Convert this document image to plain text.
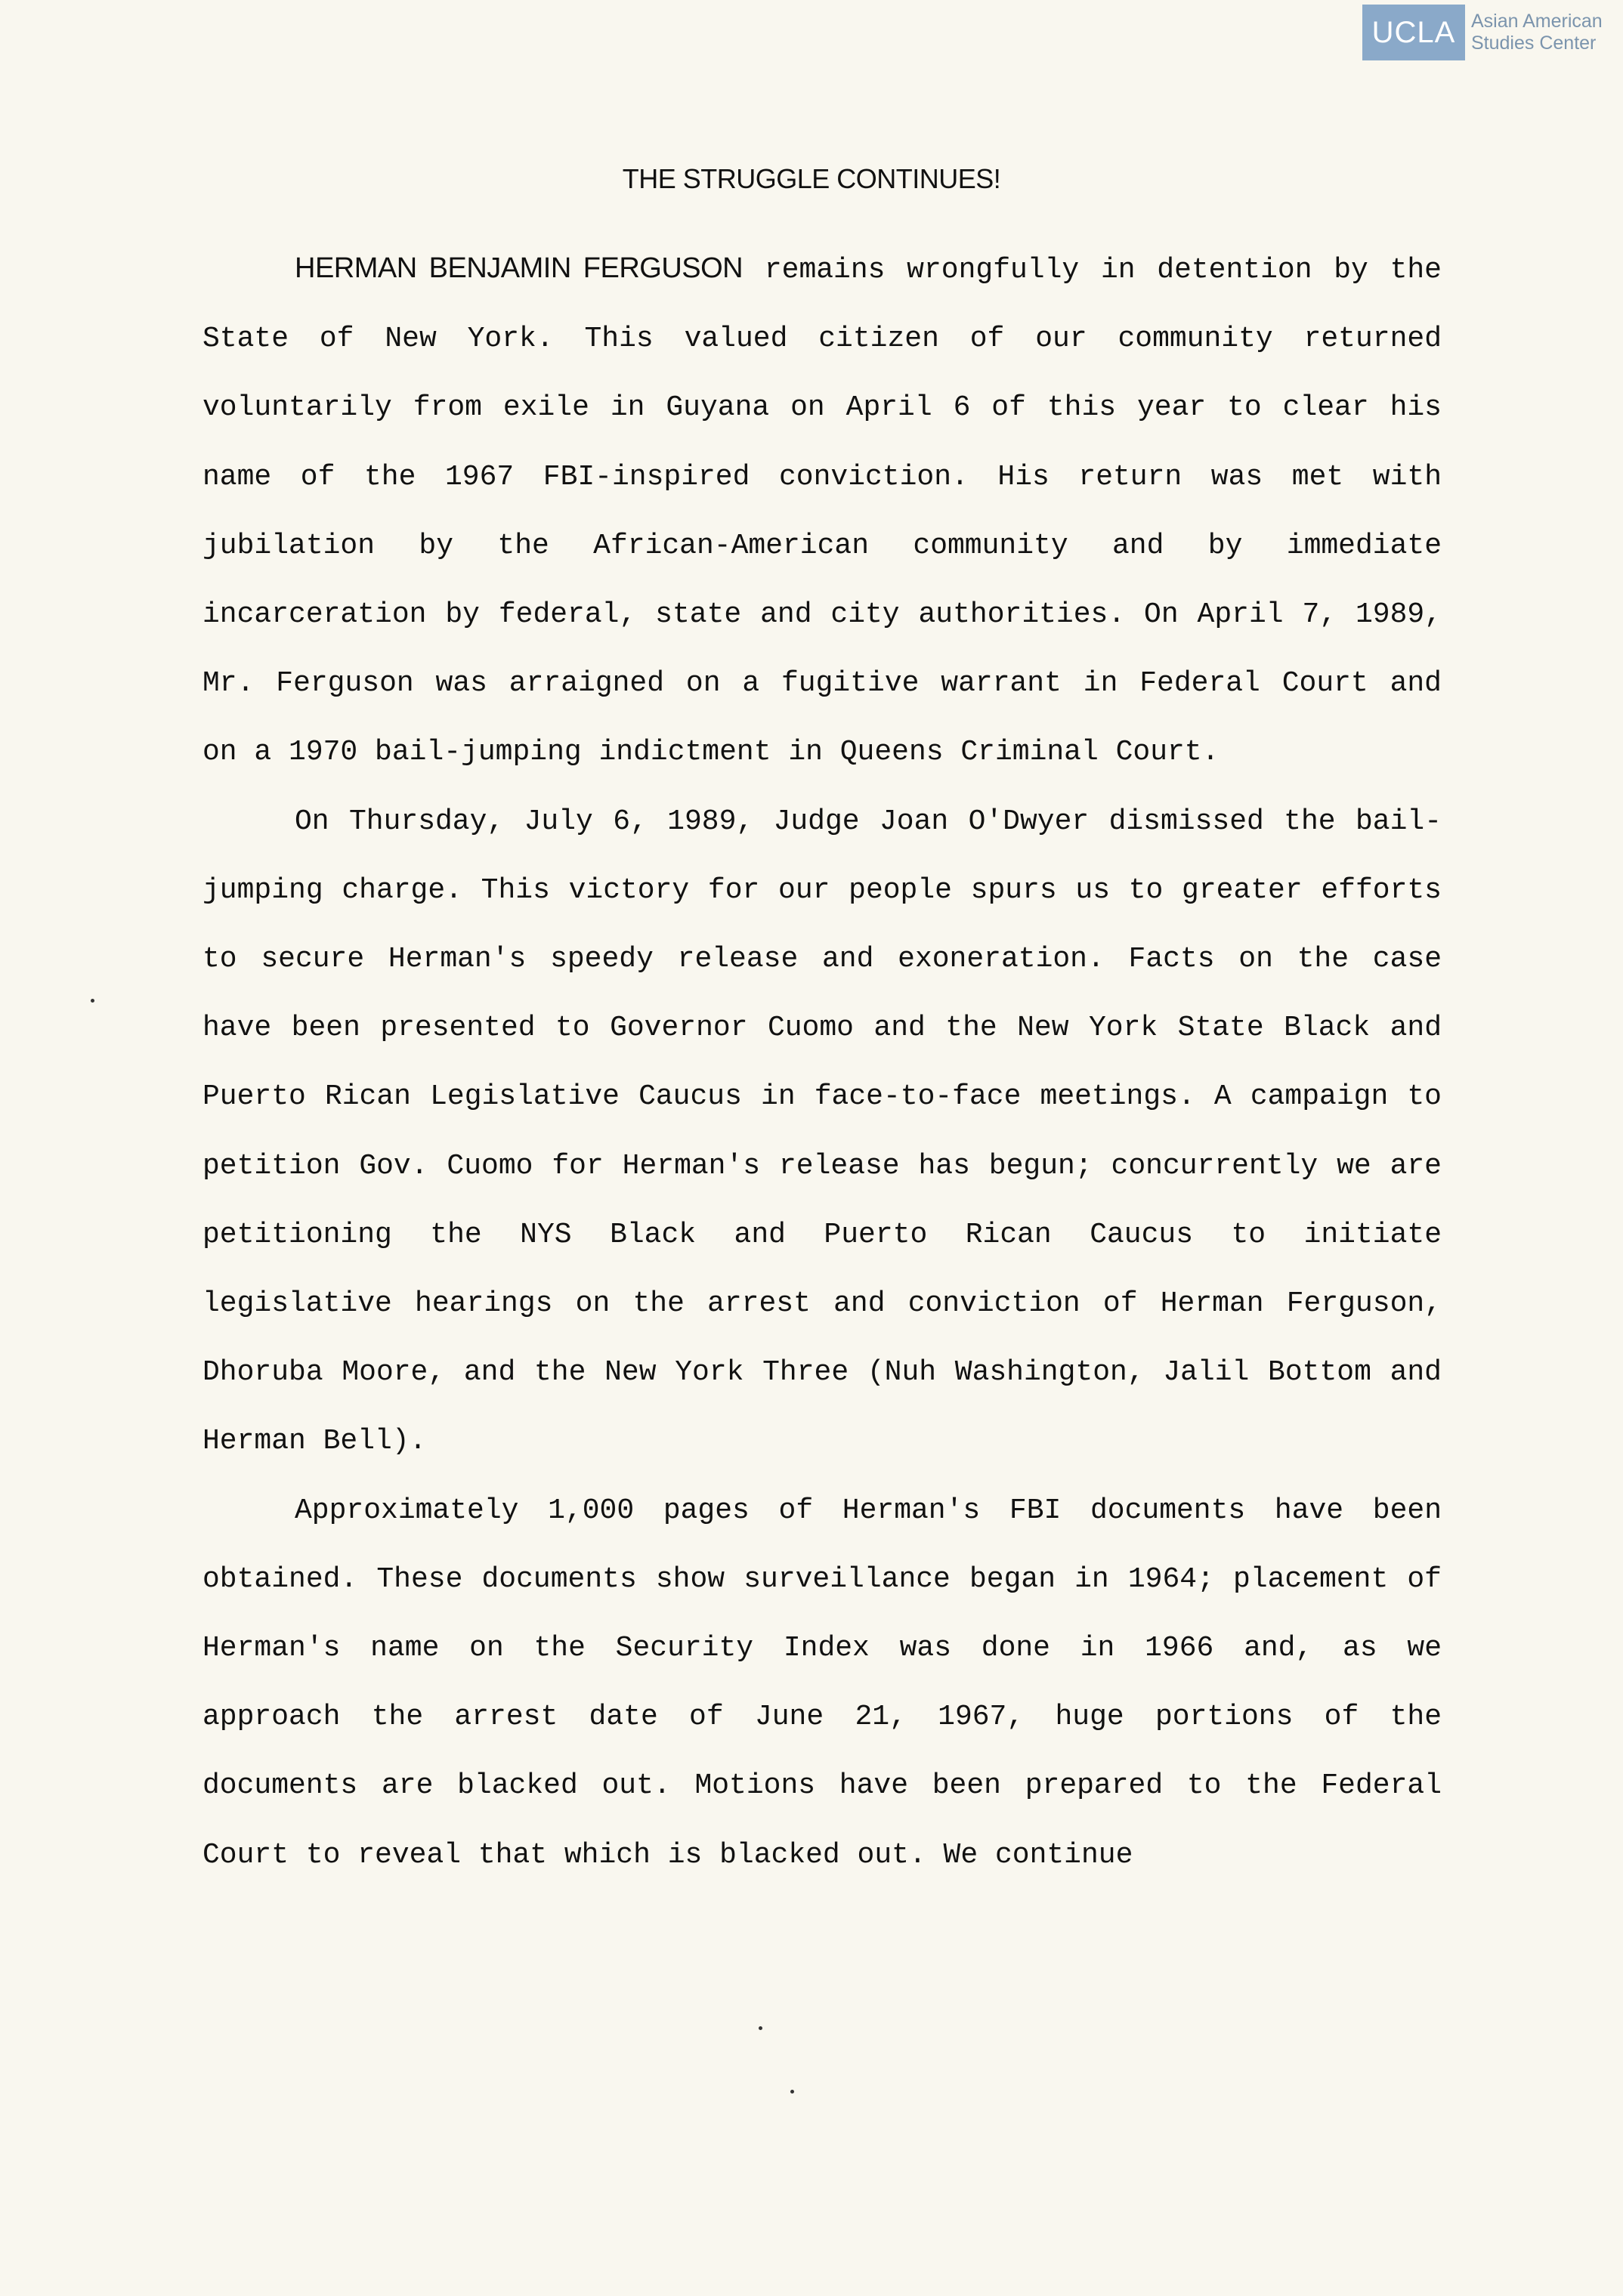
UCLA Asian American
Studies Center
THE STRUGGLE CONTINUES!

HERMAN BENJAMIN FERGUSON remains wrongfully in detention by the State of New York. This valued citizen of our community returned voluntarily from exile in Guyana on April 6 of this year to clear his name of the 1967 FBI-inspired conviction. His return was met with jubilation by the African-American community and by immediate incarceration by federal, state and city authorities. On April 7, 1989, Mr. Ferguson was arraigned on a fugitive warrant in Federal Court and on a 1970 bail-jumping indictment in Queens Criminal Court.

On Thursday, July 6, 1989, Judge Joan O'Dwyer dismissed the bail-jumping charge. This victory for our people spurs us to greater efforts to secure Herman's speedy release and exoneration. Facts on the case have been presented to Governor Cuomo and the New York State Black and Puerto Rican Legislative Caucus in face-to-face meetings. A campaign to petition Gov. Cuomo for Herman's release has begun; concurrently we are petitioning the NYS Black and Puerto Rican Caucus to initiate legislative hearings on the arrest and conviction of Herman Ferguson, Dhoruba Moore, and the New York Three (Nuh Washington, Jalil Bottom and Herman Bell).

Approximately 1,000 pages of Herman's FBI documents have been obtained. These documents show surveillance began in 1964; placement of Herman's name on the Security Index was done in 1966 and, as we approach the arrest date of June 21, 1967, huge portions of the documents are blacked out. Motions have been prepared to the Federal Court to reveal that which is blacked out. We continue
